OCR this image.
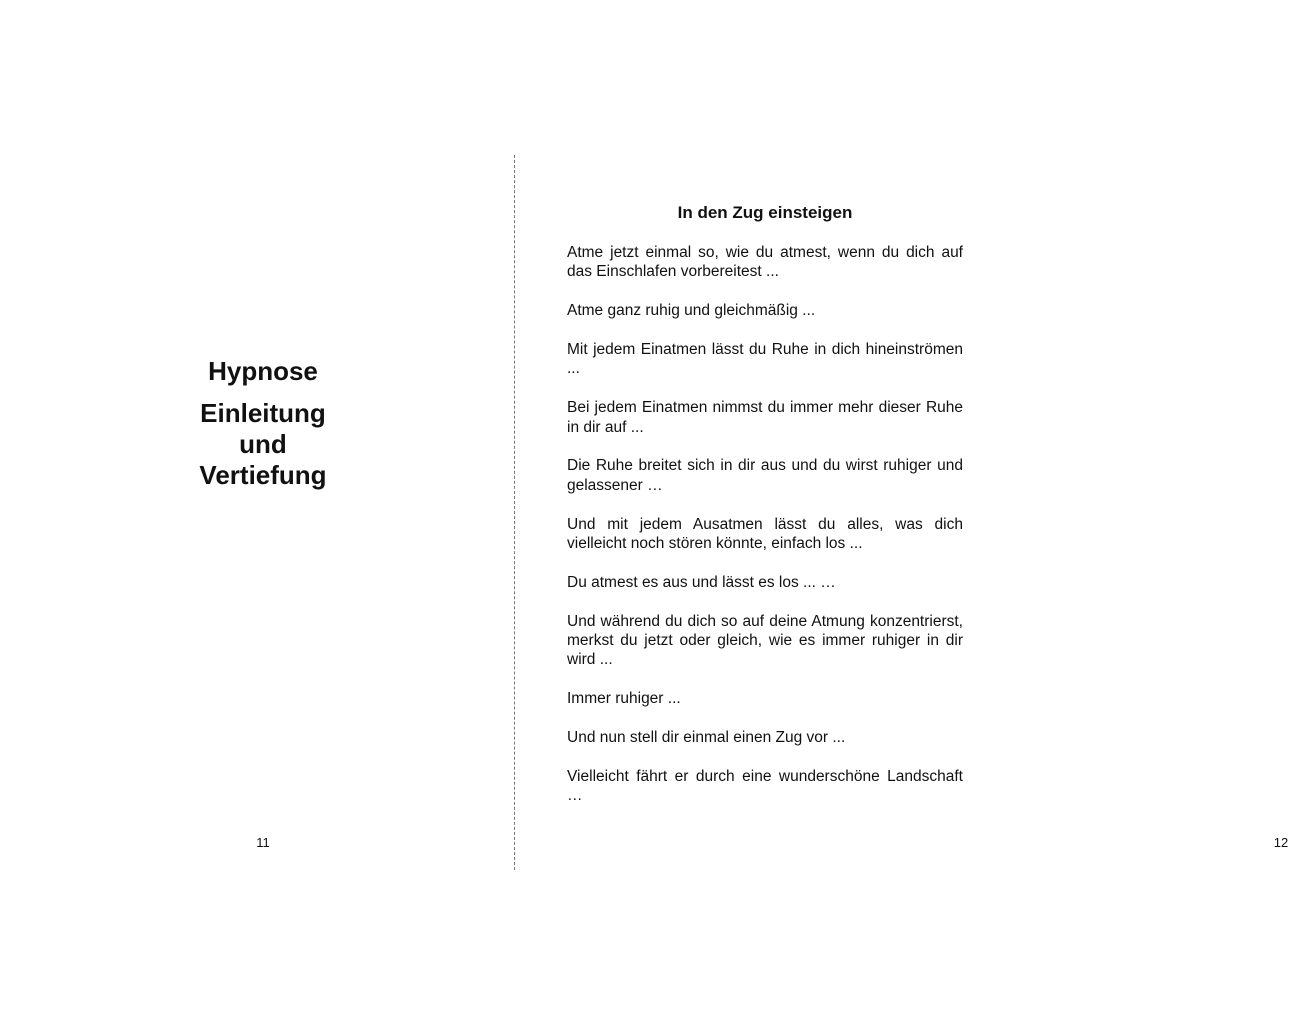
Hypnose
Einleitung
und
Vertiefung
11
In den Zug einsteigen

Atme jetzt einmal so, wie du atmest, wenn du dich auf das Einschlafen vorbereitest ...

Atme ganz ruhig und gleichmäßig ...

Mit jedem Einatmen lässt du Ruhe in dich hineinströmen ...

Bei jedem Einatmen nimmst du immer mehr dieser Ruhe in dir auf ...

Die Ruhe breitet sich in dir aus und du wirst ruhiger und gelassener …

Und mit jedem Ausatmen lässt du alles, was dich vielleicht noch stören könnte, einfach los ...

Du atmest es aus und lässt es los ... …

Und während du dich so auf deine Atmung konzentrierst, merkst du jetzt oder gleich, wie es immer ruhiger in dir wird ...

Immer ruhiger ...

Und nun stell dir einmal einen Zug vor ...

Vielleicht fährt er durch eine wunderschöne Landschaft …

12
